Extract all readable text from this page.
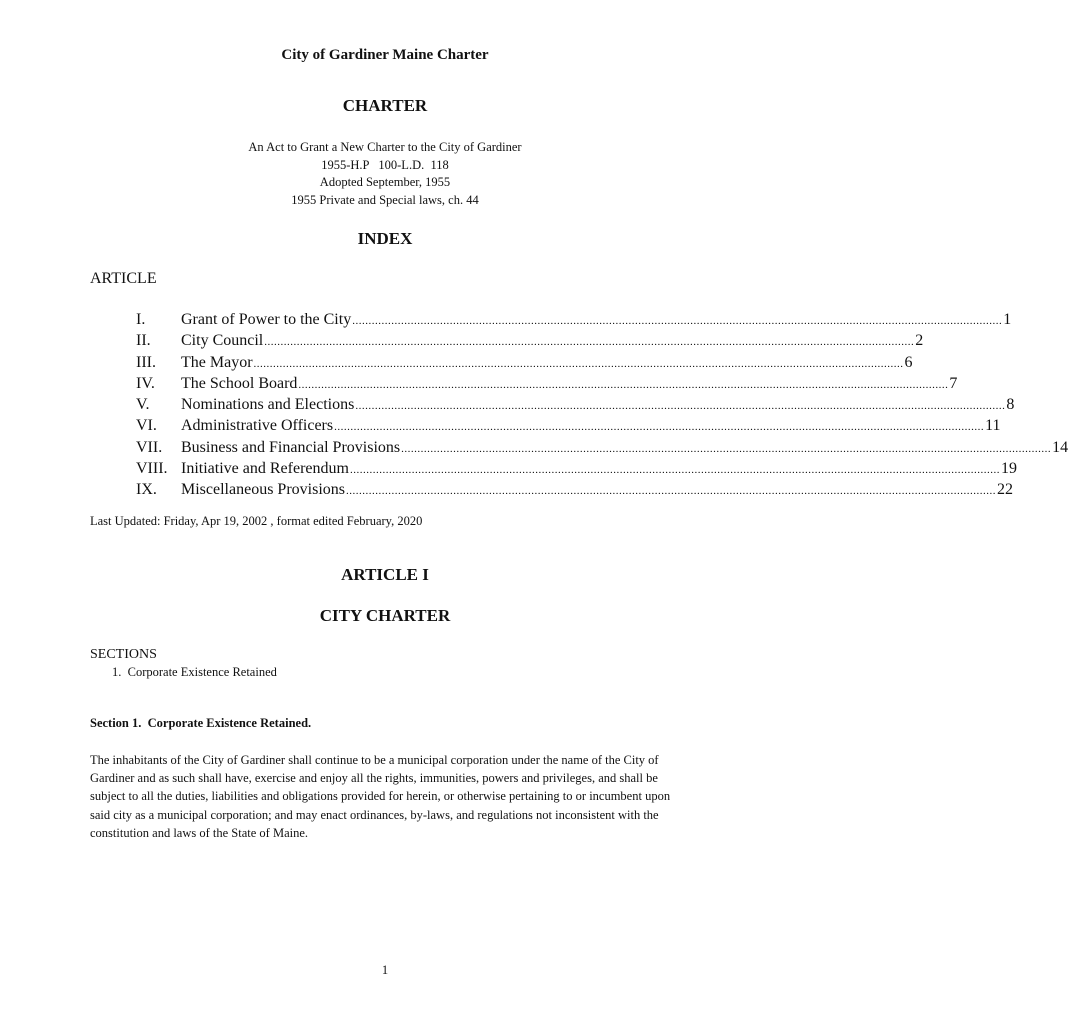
City of Gardiner Maine Charter
CHARTER
An Act to Grant a New Charter to the City of Gardiner
1955-H.P   100-L.D.  118
Adopted September, 1955
1955 Private and Special laws, ch. 44
INDEX
ARTICLE
I.	Grant of Power to the City ........................................................................................................................................................................................................ 1
II.	City Council ........................................................................................................................................................................................................ 2
III.	The Mayor ........................................................................................................................................................................................................ 6
IV.	The School Board ........................................................................................................................................................................................................ 7
V.	Nominations and Elections ........................................................................................................................................................................................................ 8
VI.	Administrative Officers ........................................................................................................................................................................................................ 11
VII.	Business and Financial Provisions ........................................................................................................................................................................................................ 14
VIII. Initiative and Referendum ........................................................................................................................................................................................................ 19
IX.	Miscellaneous Provisions ........................................................................................................................................................................................................ 22
Last Updated: Friday, Apr 19, 2002 , format edited February, 2020
ARTICLE I
CITY CHARTER
SECTIONS
1.  Corporate Existence Retained
Section 1.  Corporate Existence Retained.
The inhabitants of the City of Gardiner shall continue to be a municipal corporation under the name of the City of Gardiner and as such shall have, exercise and enjoy all the rights, immunities, powers and privileges, and shall be subject to all the duties, liabilities and obligations provided for herein, or otherwise pertaining to or incumbent upon said city as a municipal corporation; and may enact ordinances, by-laws, and regulations not inconsistent with the constitution and laws of the State of Maine.
1
